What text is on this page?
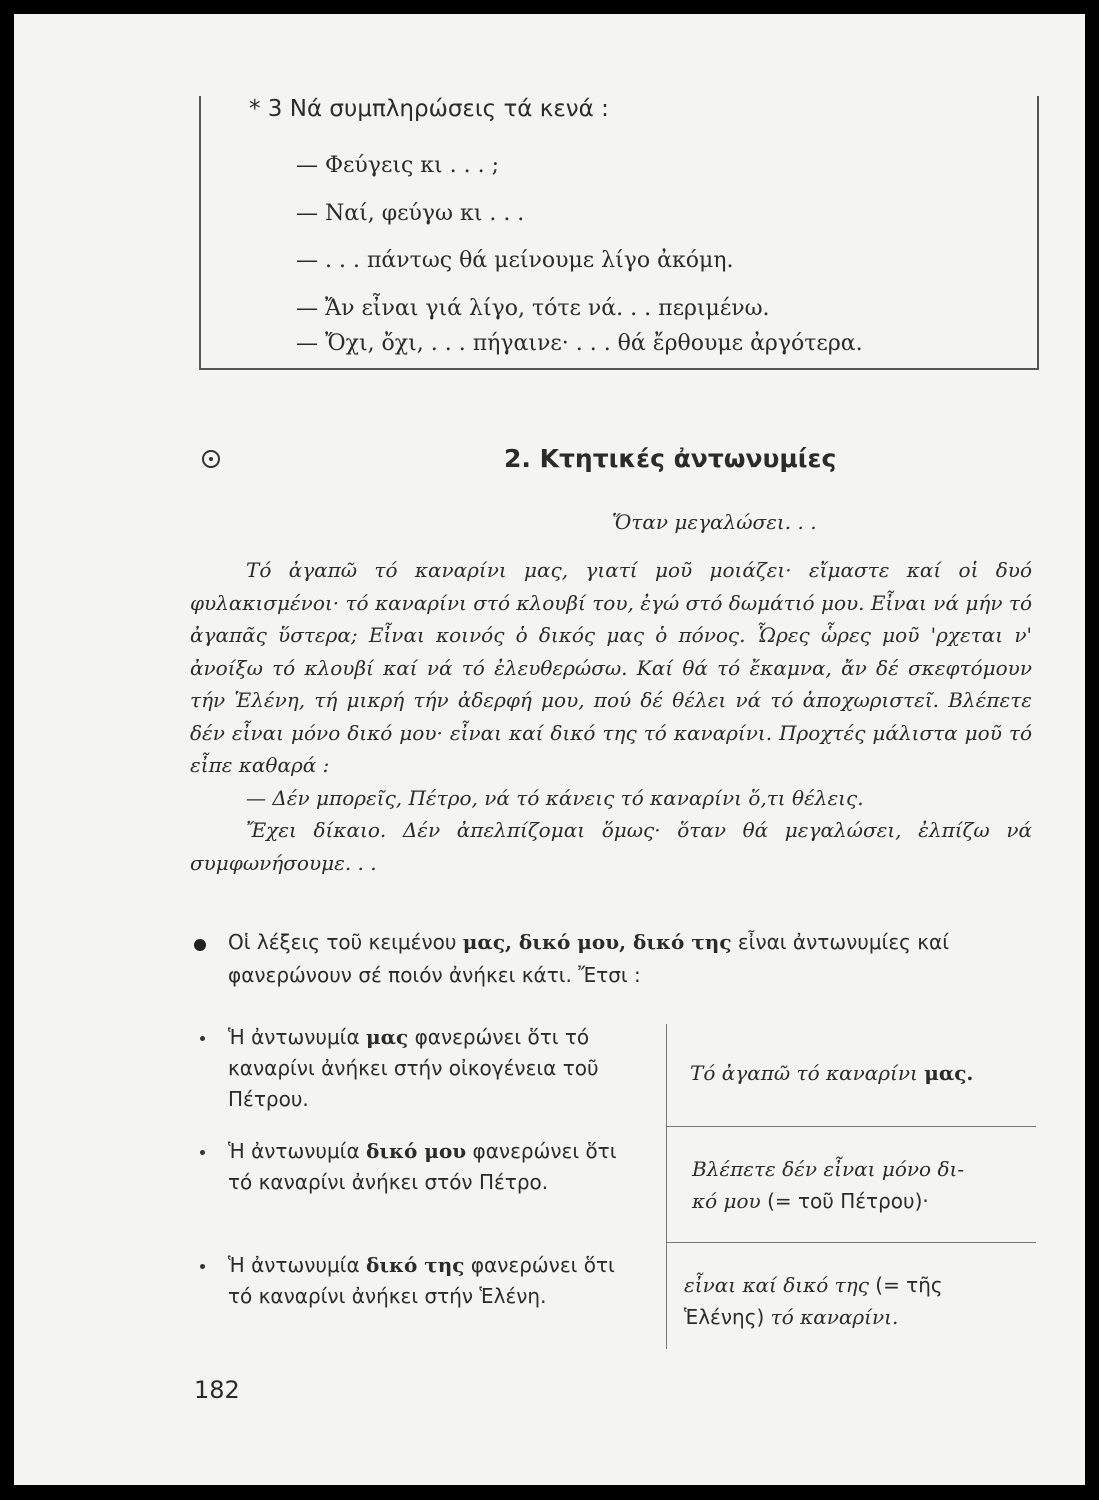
* 3 Νά συμπληρώσεις τά κενά :
— Φεύγεις κι . . . ;
— Ναί, φεύγω κι . . .
— . . . πάντως θά μείνουμε λίγο ἀκόμη.
— Ἄν εἶναι γιά λίγο, τότε νά. . . περιμένω.
— Ὄχι, ὄχι, . . . πήγαινε· . . . θά ἔρθουμε ἀργότερα.
2. Κτητικές ἀντωνυμίες
Ὅταν μεγαλώσει. . .

Τό ἀγαπῶ τό καναρίνι μας, γιατί μοῦ μοιάζει· εἴμαστε καί οἱ δυό φυλακισμένοι· τό καναρίνι στό κλουβί του, ἐγώ στό δωμάτιό μου. Εἶναι νά μήν τό ἀγαπᾶς ὕστερα; Εἶναι κοινός ὁ δικός μας ὁ πόνος. Ὧρες ὧρες μοῦ 'ρχεται ν' ἀνοίξω τό κλουβί καί νά τό ἐλευθερώσω. Καί θά τό ἔκαμνα, ἄν δέ σκεφτόμουν τήν Ἑλένη, τή μικρή τήν ἀδερφή μου, πού δέ θέλει νά τό ἀποχωριστεῖ. Βλέπετε δέν εἶναι μόνο δικό μου· εἶναι καί δικό της τό καναρίνι. Προχτές μάλιστα μοῦ τό εἶπε καθαρά :

— Δέν μπορεῖς, Πέτρο, νά τό κάνεις τό καναρίνι ὅ,τι θέλεις.

Ἔχει δίκαιο. Δέν ἀπελπίζομαι ὅμως· ὅταν θά μεγαλώσει, ἐλπίζω νά συμφωνήσουμε. . .

Οἱ λέξεις τοῦ κειμένου μας, δικό μου, δικό της εἶναι ἀντωνυμίες καί φανερώνουν σέ ποιόν ἀνήκει κάτι. Ἔτσι :
Ἡ ἀντωνυμία μας φανερώνει ὅτι τό καναρίνι ἀνήκει στήν οἰκογένεια τοῦ Πέτρου.
Ἡ ἀντωνυμία δικό μου φανερώνει ὅτι τό καναρίνι ἀνήκει στόν Πέτρο.
Ἡ ἀντωνυμία δικό της φανερώνει ὅτι τό καναρίνι ἀνήκει στήν Ἑλένη.
Τό ἀγαπῶ τό καναρίνι μας.
Βλέπετε δέν εἶναι μόνο δι-
κό μου (= τοῦ Πέτρου)·
εἶναι καί δικό της (= τῆς
Ἑλένης) τό καναρίνι.
182
